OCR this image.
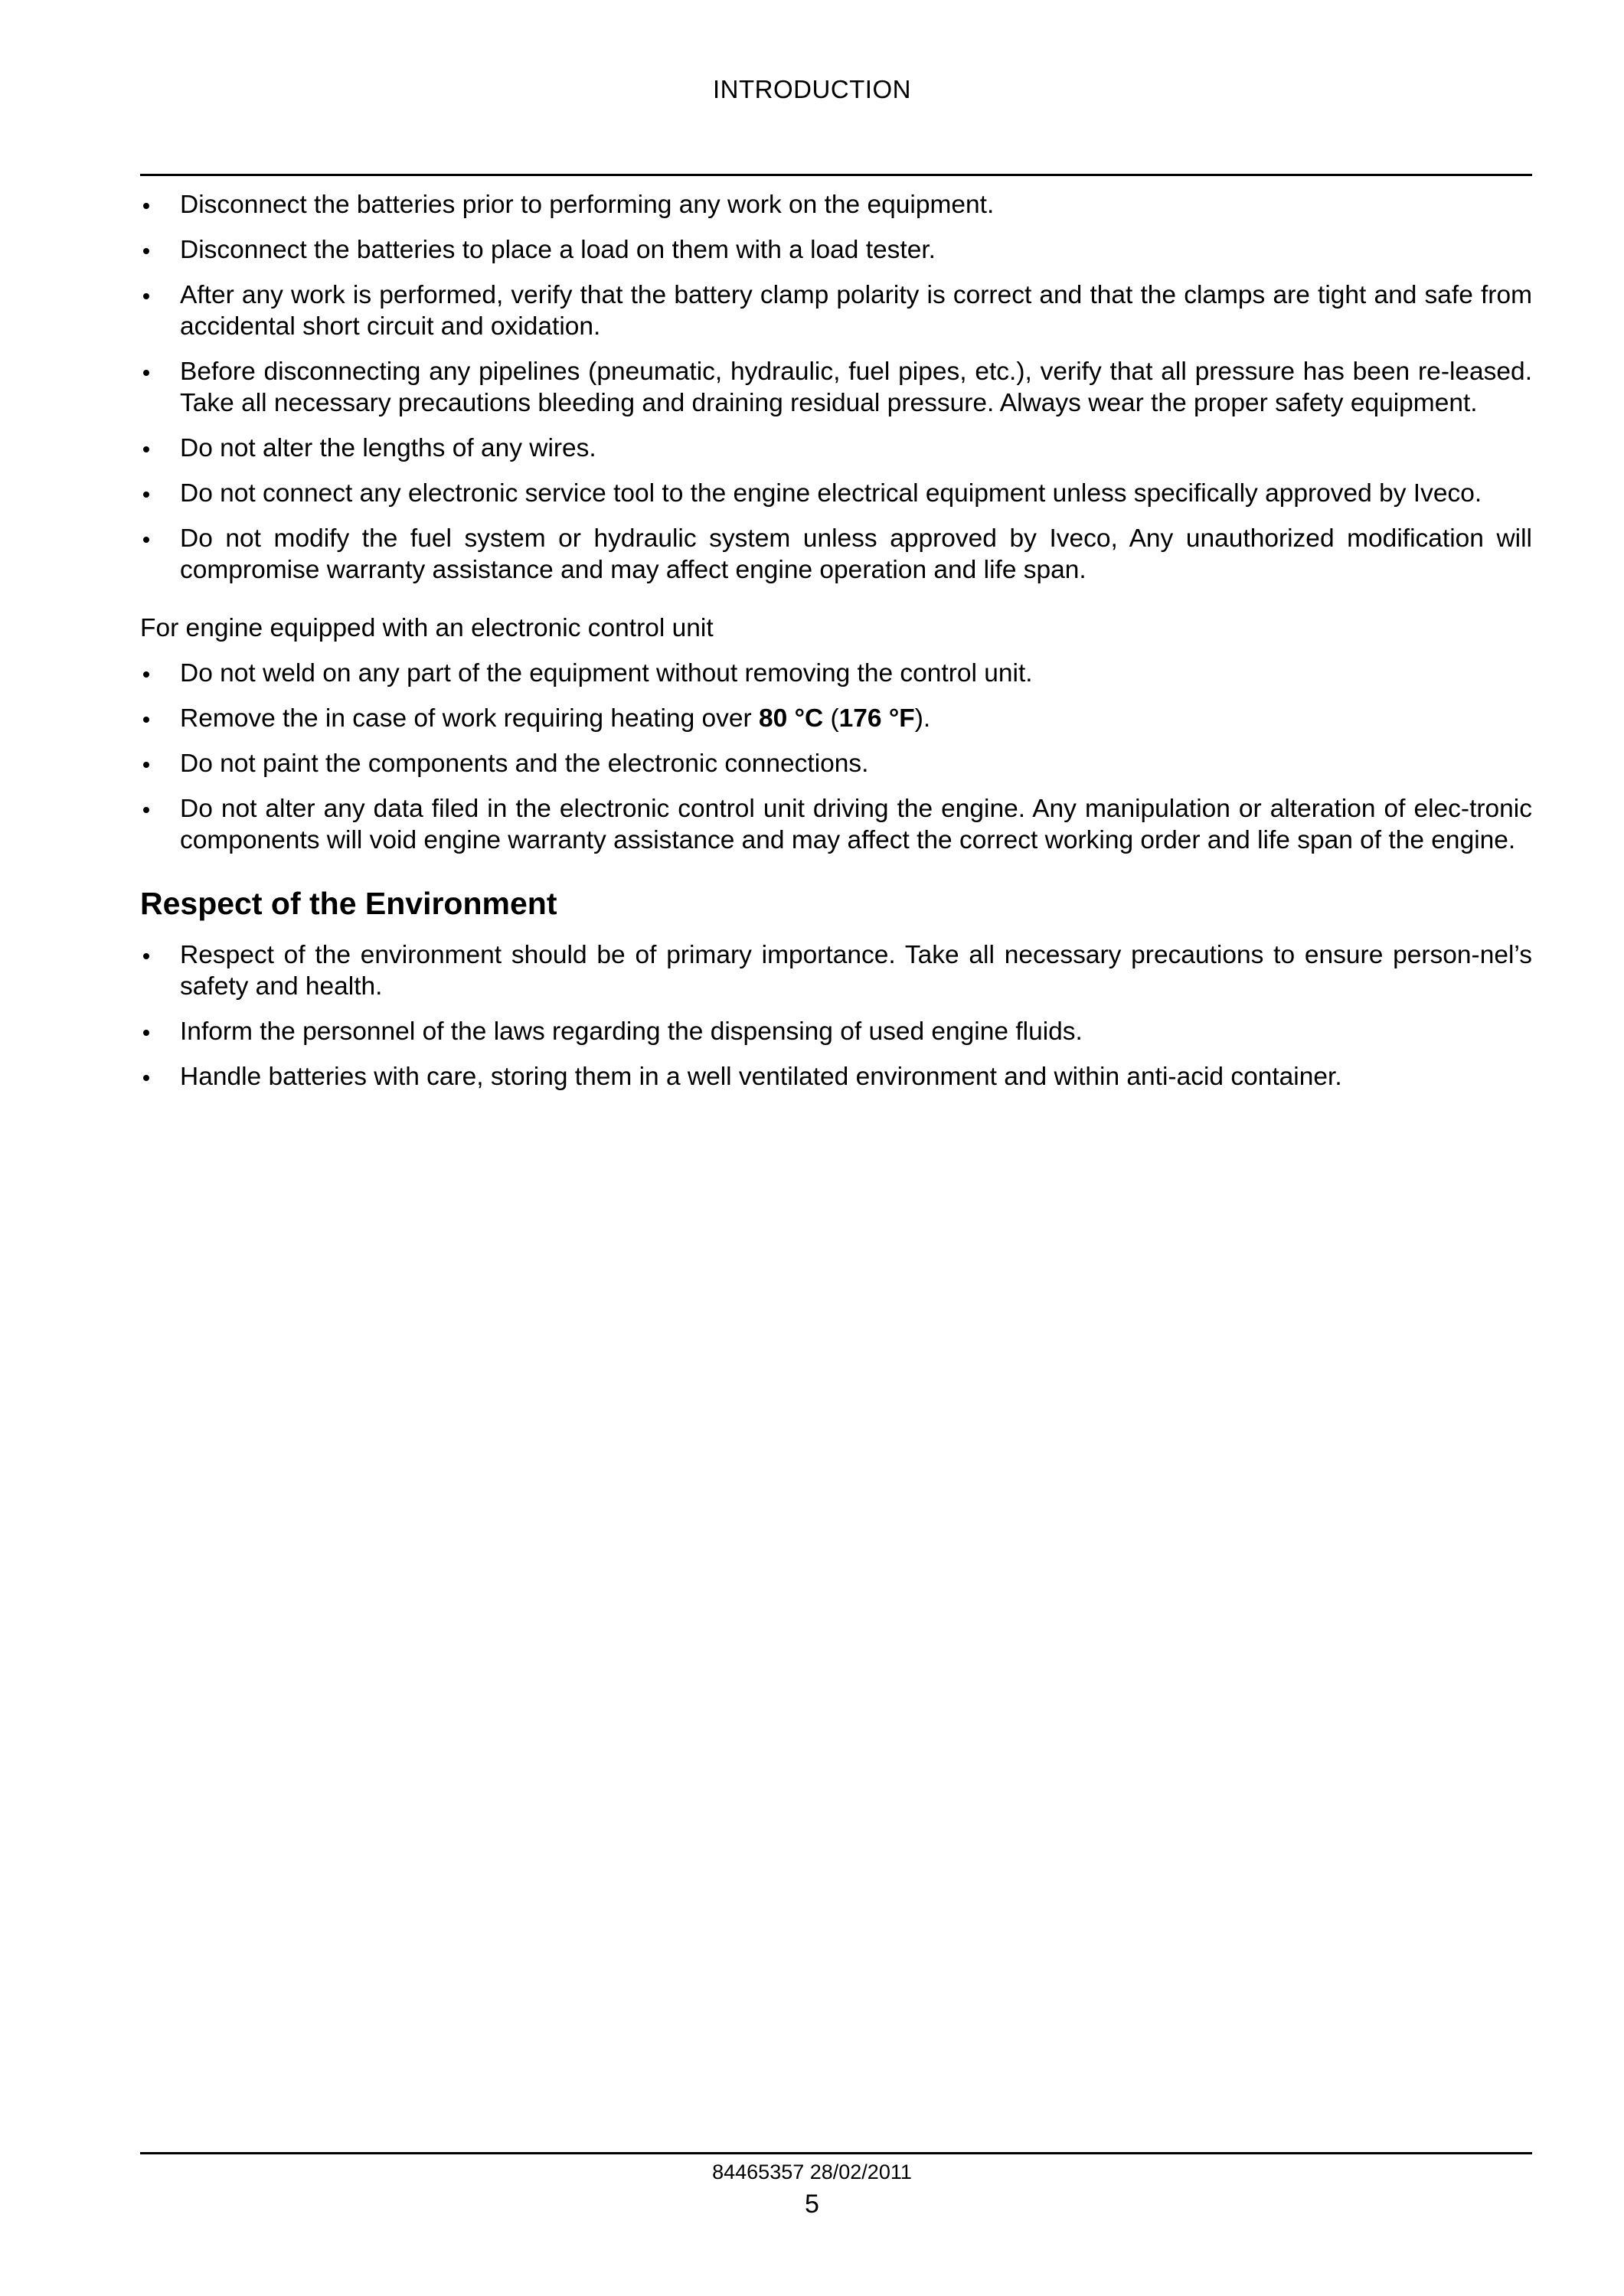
INTRODUCTION
Disconnect the batteries prior to performing any work on the equipment.
Disconnect the batteries to place a load on them with a load tester.
After any work is performed, verify that the battery clamp polarity is correct and that the clamps are tight and safe from accidental short circuit and oxidation.
Before disconnecting any pipelines (pneumatic, hydraulic, fuel pipes, etc.), verify that all pressure has been re-leased. Take all necessary precautions bleeding and draining residual pressure. Always wear the proper safety equipment.
Do not alter the lengths of any wires.
Do not connect any electronic service tool to the engine electrical equipment unless specifically approved by Iveco.
Do not modify the fuel system or hydraulic system unless approved by Iveco, Any unauthorized modification will compromise warranty assistance and may affect engine operation and life span.

For engine equipped with an electronic control unit

Do not weld on any part of the equipment without removing the control unit.
Remove the in case of work requiring heating over 80 °C (176 °F).
Do not paint the components and the electronic connections.
Do not alter any data filed in the electronic control unit driving the engine. Any manipulation or alteration of elec-tronic components will void engine warranty assistance and may affect the correct working order and life span of the engine.
Respect of the Environment
Respect of the environment should be of primary importance. Take all necessary precautions to ensure person-nel’s safety and health.
Inform the personnel of the laws regarding the dispensing of used engine fluids.
Handle batteries with care, storing them in a well ventilated environment and within anti-acid container.
84465357 28/02/2011
5
